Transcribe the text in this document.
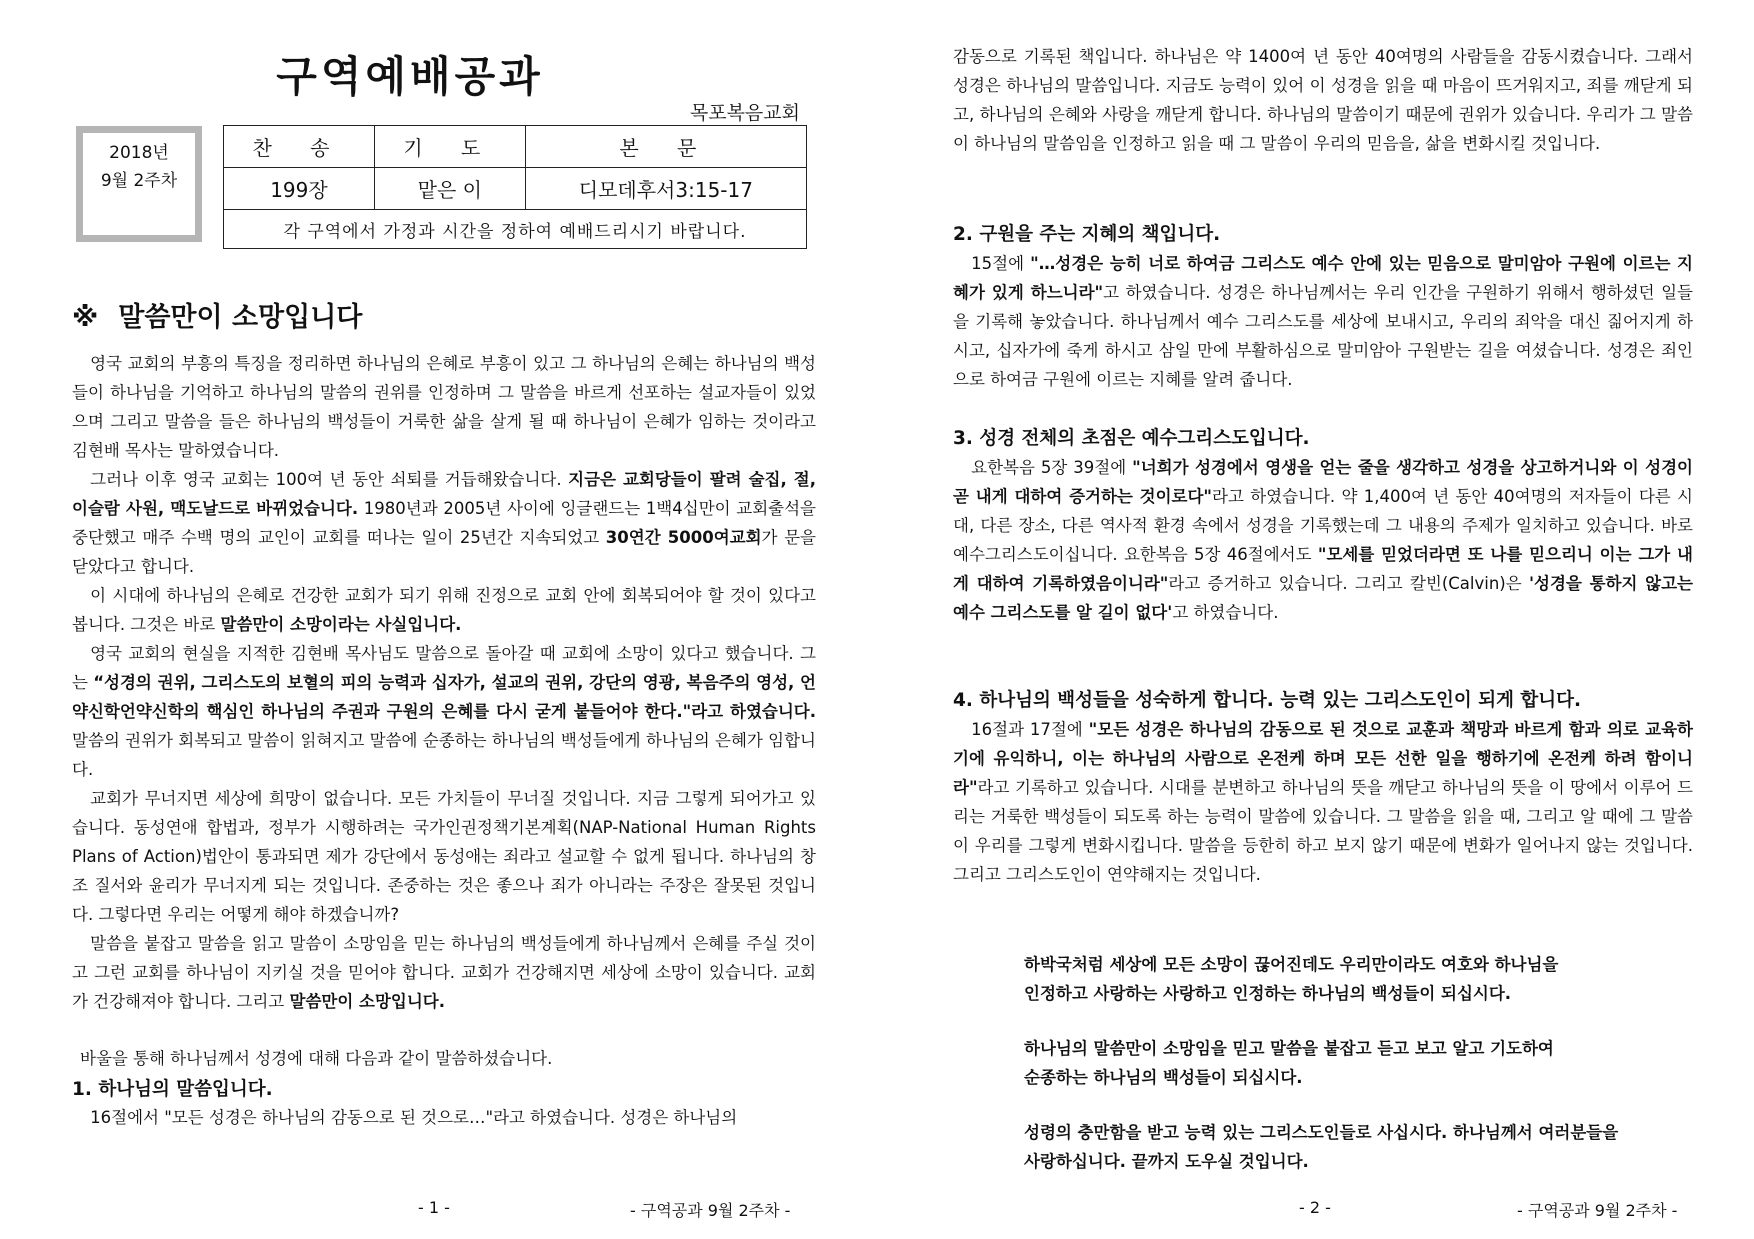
구역예배공과
목포복음교회
2018년
9월 2주차
찬 송	기 도	본 문
199장	맡은 이	디모데후서3:15-17
각 구역에서 가정과 시간을 정하여 예배드리시기 바랍니다.		
※ 말씀만이 소망입니다

영국 교회의 부흥의 특징을 정리하면 하나님의 은혜로 부흥이 있고 그 하나님의 은혜는 하나님의 백성들이 하나님을 기억하고 하나님의 말씀의 권위를 인정하며 그 말씀을 바르게 선포하는 설교자들이 있었으며 그리고 말씀을 들은 하나님의 백성들이 거룩한 삶을 살게 될 때 하나님이 은혜가 임하는 것이라고 김현배 목사는 말하였습니다.

그러나 이후 영국 교회는 100여 년 동안 쇠퇴를 거듭해왔습니다. 지금은 교회당들이 팔려 술집, 절, 이슬람 사원, 맥도날드로 바뀌었습니다. 1980년과 2005년 사이에 잉글랜드는 1백4십만이 교회출석을 중단했고 매주 수백 명의 교인이 교회를 떠나는 일이 25년간 지속되었고 30연간 5000여교회가 문을 닫았다고 합니다.

이 시대에 하나님의 은혜로 건강한 교회가 되기 위해 진정으로 교회 안에 회복되어야 할 것이 있다고 봅니다. 그것은 바로 말씀만이 소망이라는 사실입니다.

영국 교회의 현실을 지적한 김현배 목사님도 말씀으로 돌아갈 때 교회에 소망이 있다고 했습니다. 그는 “성경의 권위, 그리스도의 보혈의 피의 능력과 십자가, 설교의 권위, 강단의 영광, 복음주의 영성, 언약신학언약신학의 핵심인 하나님의 주권과 구원의 은혜를 다시 굳게 붙들어야 한다."라고 하였습니다. 말씀의 권위가 회복되고 말씀이 읽혀지고 말씀에 순종하는 하나님의 백성들에게 하나님의 은혜가 임합니다.

교회가 무너지면 세상에 희망이 없습니다. 모든 가치들이 무너질 것입니다. 지금 그렇게 되어가고 있습니다. 동성연애 합법과, 정부가 시행하려는 국가인권정책기본계획(NAP-National Human Rights Plans of Action)법안이 통과되면 제가 강단에서 동성애는 죄라고 설교할 수 없게 됩니다. 하나님의 창조 질서와 윤리가 무너지게 되는 것입니다. 존중하는 것은 좋으나 죄가 아니라는 주장은 잘못된 것입니다. 그렇다면 우리는 어떻게 해야 하겠습니까?

말씀을 붙잡고 말씀을 읽고 말씀이 소망임을 믿는 하나님의 백성들에게 하나님께서 은혜를 주실 것이고 그런 교회를 하나님이 지키실 것을 믿어야 합니다. 교회가 건강해지면 세상에 소망이 있습니다. 교회가 건강해져야 합니다. 그리고 말씀만이 소망입니다.

바울을 통해 하나님께서 성경에 대해 다음과 같이 말씀하셨습니다.
1. 하나님의 말씀입니다.

16절에서 "모든 성경은 하나님의 감동으로 된 것으로…"라고 하였습니다. 성경은 하나님의

- 1 -	- 구역공과 9월 2주차 -

감동으로 기록된 책입니다. 하나님은 약 1400여 년 동안 40여명의 사람들을 감동시켰습니다. 그래서 성경은 하나님의 말씀입니다. 지금도 능력이 있어 이 성경을 읽을 때 마음이 뜨거워지고, 죄를 깨닫게 되고, 하나님의 은혜와 사랑을 깨닫게 합니다. 하나님의 말씀이기 때문에 권위가 있습니다. 우리가 그 말씀이 하나님의 말씀임을 인정하고 읽을 때 그 말씀이 우리의 믿음을, 삶을 변화시킬 것입니다.

2. 구원을 주는 지혜의 책입니다.

15절에 "…성경은 능히 너로 하여금 그리스도 예수 안에 있는 믿음으로 말미암아 구원에 이르는 지혜가 있게 하느니라"고 하였습니다. 성경은 하나님께서는 우리 인간을 구원하기 위해서 행하셨던 일들을 기록해 놓았습니다. 하나님께서 예수 그리스도를 세상에 보내시고, 우리의 죄악을 대신 짊어지게 하시고, 십자가에 죽게 하시고 삼일 만에 부활하심으로 말미암아 구원받는 길을 여셨습니다. 성경은 죄인으로 하여금 구원에 이르는 지혜를 알려 줍니다.

3. 성경 전체의 초점은 예수그리스도입니다.

요한복음 5장 39절에 "너희가 성경에서 영생을 얻는 줄을 생각하고 성경을 상고하거니와 이 성경이 곧 내게 대하여 증거하는 것이로다"라고 하였습니다. 약 1,400여 년 동안 40여명의 저자들이 다른 시대, 다른 장소, 다른 역사적 환경 속에서 성경을 기록했는데 그 내용의 주제가 일치하고 있습니다. 바로 예수그리스도이십니다. 요한복음 5장 46절에서도 "모세를 믿었더라면 또 나를 믿으리니 이는 그가 내게 대하여 기록하였음이니라"라고 증거하고 있습니다. 그리고 칼빈(Calvin)은 '성경을 통하지 않고는 예수 그리스도를 알 길이 없다'고 하였습니다.

4. 하나님의 백성들을 성숙하게 합니다. 능력 있는 그리스도인이 되게 합니다.

16절과 17절에 "모든 성경은 하나님의 감동으로 된 것으로 교훈과 책망과 바르게 함과 의로 교육하기에 유익하니, 이는 하나님의 사람으로 온전케 하며 모든 선한 일을 행하기에 온전케 하려 함이니라"라고 기록하고 있습니다. 시대를 분변하고 하나님의 뜻을 깨닫고 하나님의 뜻을 이 땅에서 이루어 드리는 거룩한 백성들이 되도록 하는 능력이 말씀에 있습니다. 그 말씀을 읽을 때, 그리고 알 때에 그 말씀이 우리를 그렇게 변화시킵니다. 말씀을 등한히 하고 보지 않기 때문에 변화가 일어나지 않는 것입니다. 그리고 그리스도인이 연약해지는 것입니다.

하박국처럼 세상에 모든 소망이 끊어진데도 우리만이라도 여호와 하나님을
인정하고 사랑하는 사랑하고 인정하는 하나님의 백성들이 되십시다.
하나님의 말씀만이 소망임을 믿고 말씀을 붙잡고 듣고 보고 알고 기도하여
순종하는 하나님의 백성들이 되십시다.
성령의 충만함을 받고 능력 있는 그리스도인들로 사십시다. 하나님께서 여러분들을
사랑하십니다. 끝까지 도우실 것입니다.
- 2 -	- 구역공과 9월 2주차 -
